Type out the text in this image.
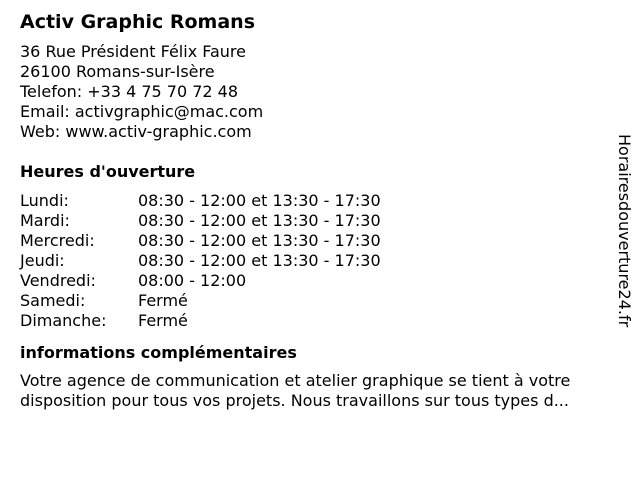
Activ Graphic Romans
36 Rue Président Félix Faure
26100 Romans-sur-Isère
Telefon: +33 4 75 70 72 48
Email: activgraphic@mac.com
Web: www.activ-graphic.com
Heures d'ouverture
Lundi:	08:30 - 12:00 et 13:30 - 17:30
Mardi:	08:30 - 12:00 et 13:30 - 17:30
Mercredi:	08:30 - 12:00 et 13:30 - 17:30
Jeudi:	08:30 - 12:00 et 13:30 - 17:30
Vendredi:	08:00 - 12:00
Samedi:	Fermé
Dimanche:	Fermé
informations complémentaires
Votre agence de communication et atelier graphique se tient à votre
disposition pour tous vos projets. Nous travaillons sur tous types d...
Horairesdouverture24.fr
